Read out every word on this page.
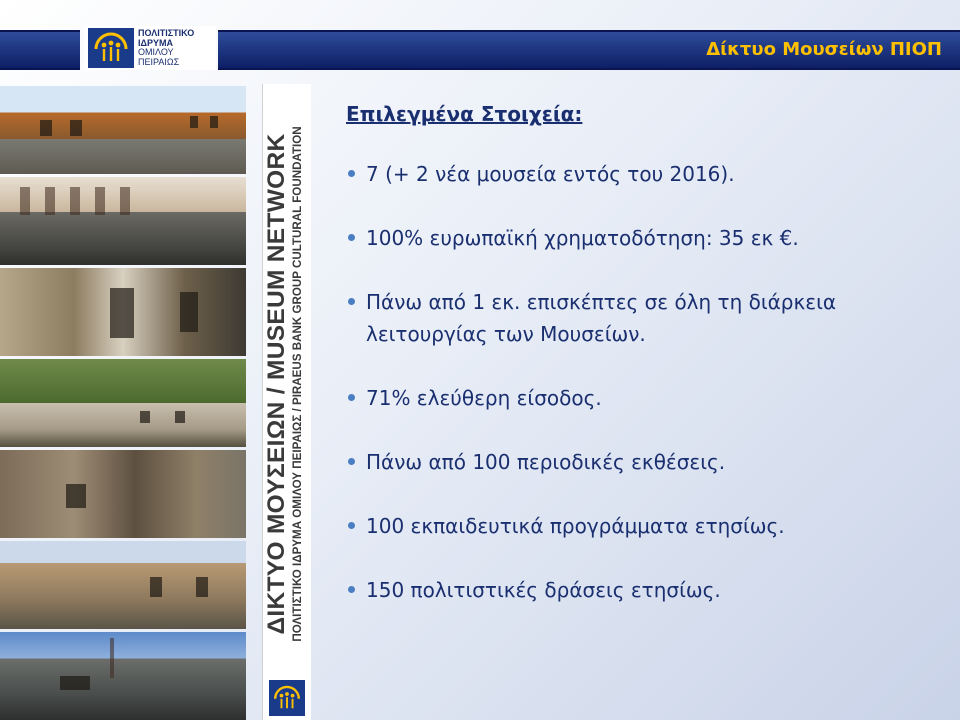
ΠΟΛΙΤΙΣΤΙΚΟ
ΙΔΡΥΜΑ
ΟΜΙΛΟΥ
ΠΕΙΡΑΙΩΣ
Δίκτυο Μουσείων ΠΙΟΠ
ΔΙΚΤΥΟ ΜΟΥΣΕΙΩΝ / MUSEUM NETWORK ΠΟΛΙΤΙΣΤΙΚΟ ΙΔΡΥΜΑ ΟΜΙΛΟΥ ΠΕΙΡΑΙΩΣ / PIRAEUS BANK GROUP CULTURAL FOUNDATION
Επιλεγμένα Στοιχεία:
7 (+ 2 νέα μουσεία εντός του 2016).
100% ευρωπαϊκή χρηματοδότηση: 35 εκ €.
Πάνω από 1 εκ. επισκέπτες σε όλη τη διάρκεια λειτουργίας των Μουσείων.
71% ελεύθερη είσοδος.
Πάνω από 100 περιοδικές εκθέσεις.
100 εκπαιδευτικά προγράμματα ετησίως.
150 πολιτιστικές δράσεις ετησίως.
